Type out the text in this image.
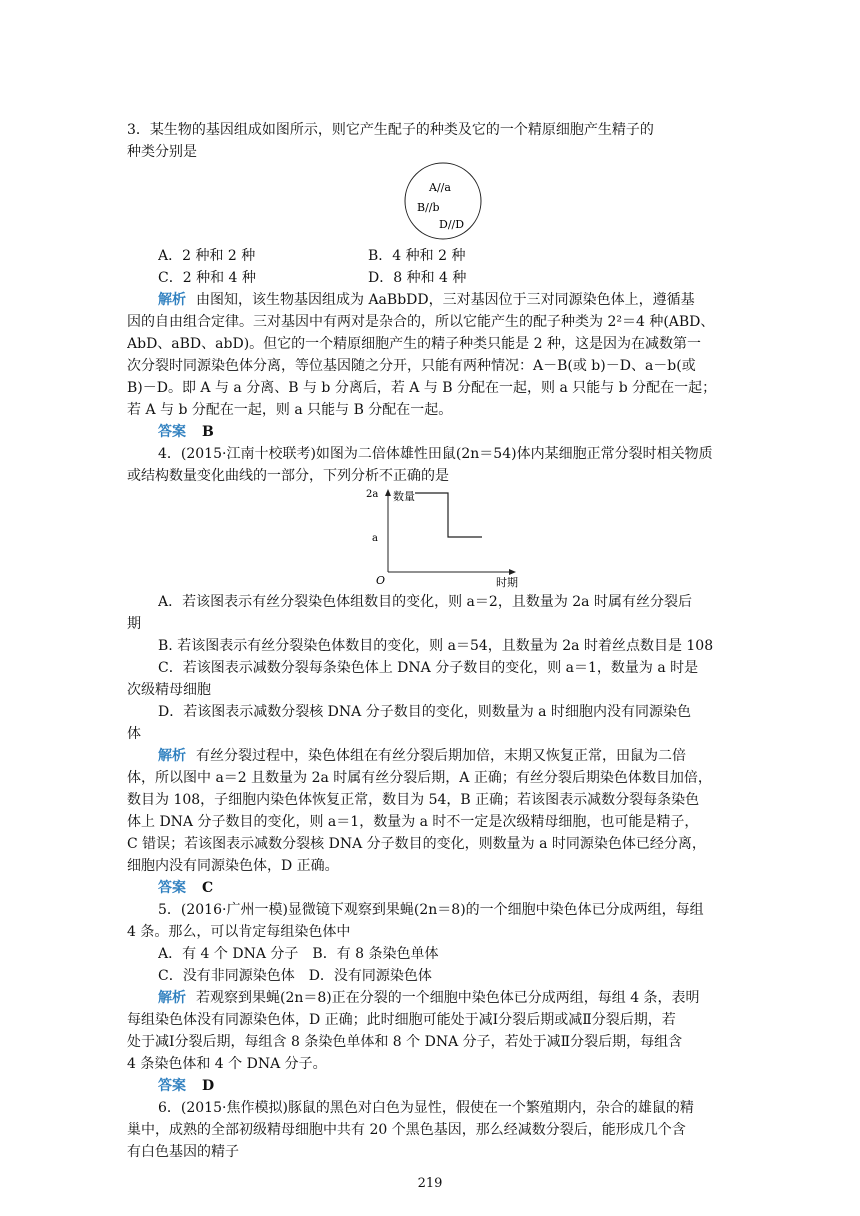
3．某生物的基因组成如图所示，则它产生配子的种类及它的一个精原细胞产生精子的
种类分别是
A//a
B//b
D//D
A．2 种和 2 种	B．4 种和 2 种
C．2 种和 4 种	D．8 种和 4 种
解析 由图知，该生物基因组成为 AaBbDD，三对基因位于三对同源染色体上，遵循基
因的自由组合定律。三对基因中有两对是杂合的，所以它能产生的配子种类为 2²＝4 种(ABD、
AbD、aBD、abD)。但它的一个精原细胞产生的精子种类只能是 2 种，这是因为在减数第一
次分裂时同源染色体分离，等位基因随之分开，只能有两种情况：A－B(或 b)－D、a－b(或
B)－D。即 A 与 a 分离、B 与 b 分离后，若 A 与 B 分配在一起，则 a 只能与 b 分配在一起；
若 A 与 b 分配在一起，则 a 只能与 B 分配在一起。
答案 B
4．(2015·江南十校联考)如图为二倍体雄性田鼠(2n＝54)体内某细胞正常分裂时相关物质
或结构数量变化曲线的一部分，下列分析不正确的是
数量
时期
O
2a
a
A．若该图表示有丝分裂染色体组数目的变化，则 a＝2，且数量为 2a 时属有丝分裂后
期
B. 若该图表示有丝分裂染色体数目的变化，则 a＝54，且数量为 2a 时着丝点数目是 108
C．若该图表示减数分裂每条染色体上 DNA 分子数目的变化，则 a＝1，数量为 a 时是
次级精母细胞
D．若该图表示减数分裂核 DNA 分子数目的变化，则数量为 a 时细胞内没有同源染色
体
解析 有丝分裂过程中，染色体组在有丝分裂后期加倍，末期又恢复正常，田鼠为二倍
体，所以图中 a＝2 且数量为 2a 时属有丝分裂后期，A 正确；有丝分裂后期染色体数目加倍，
数目为 108，子细胞内染色体恢复正常，数目为 54，B 正确；若该图表示减数分裂每条染色
体上 DNA 分子数目的变化，则 a＝1，数量为 a 时不一定是次级精母细胞，也可能是精子，
C 错误；若该图表示减数分裂核 DNA 分子数目的变化，则数量为 a 时同源染色体已经分离，
细胞内没有同源染色体，D 正确。
答案 C
5．(2016·广州一模)显微镜下观察到果蝇(2n＝8)的一个细胞中染色体已分成两组，每组
4 条。那么，可以肯定每组染色体中
A．有 4 个 DNA 分子　B．有 8 条染色单体
C．没有非同源染色体　D．没有同源染色体
解析 若观察到果蝇(2n＝8)正在分裂的一个细胞中染色体已分成两组，每组 4 条，表明
每组染色体没有同源染色体，D 正确；此时细胞可能处于减Ⅰ分裂后期或减Ⅱ分裂后期，若
处于减Ⅰ分裂后期，每组含 8 条染色单体和 8 个 DNA 分子，若处于减Ⅱ分裂后期，每组含
4 条染色体和 4 个 DNA 分子。
答案 D
6．(2015·焦作模拟)豚鼠的黑色对白色为显性，假使在一个繁殖期内，杂合的雄鼠的精
巢中，成熟的全部初级精母细胞中共有 20 个黑色基因，那么经减数分裂后，能形成几个含
有白色基因的精子
219
